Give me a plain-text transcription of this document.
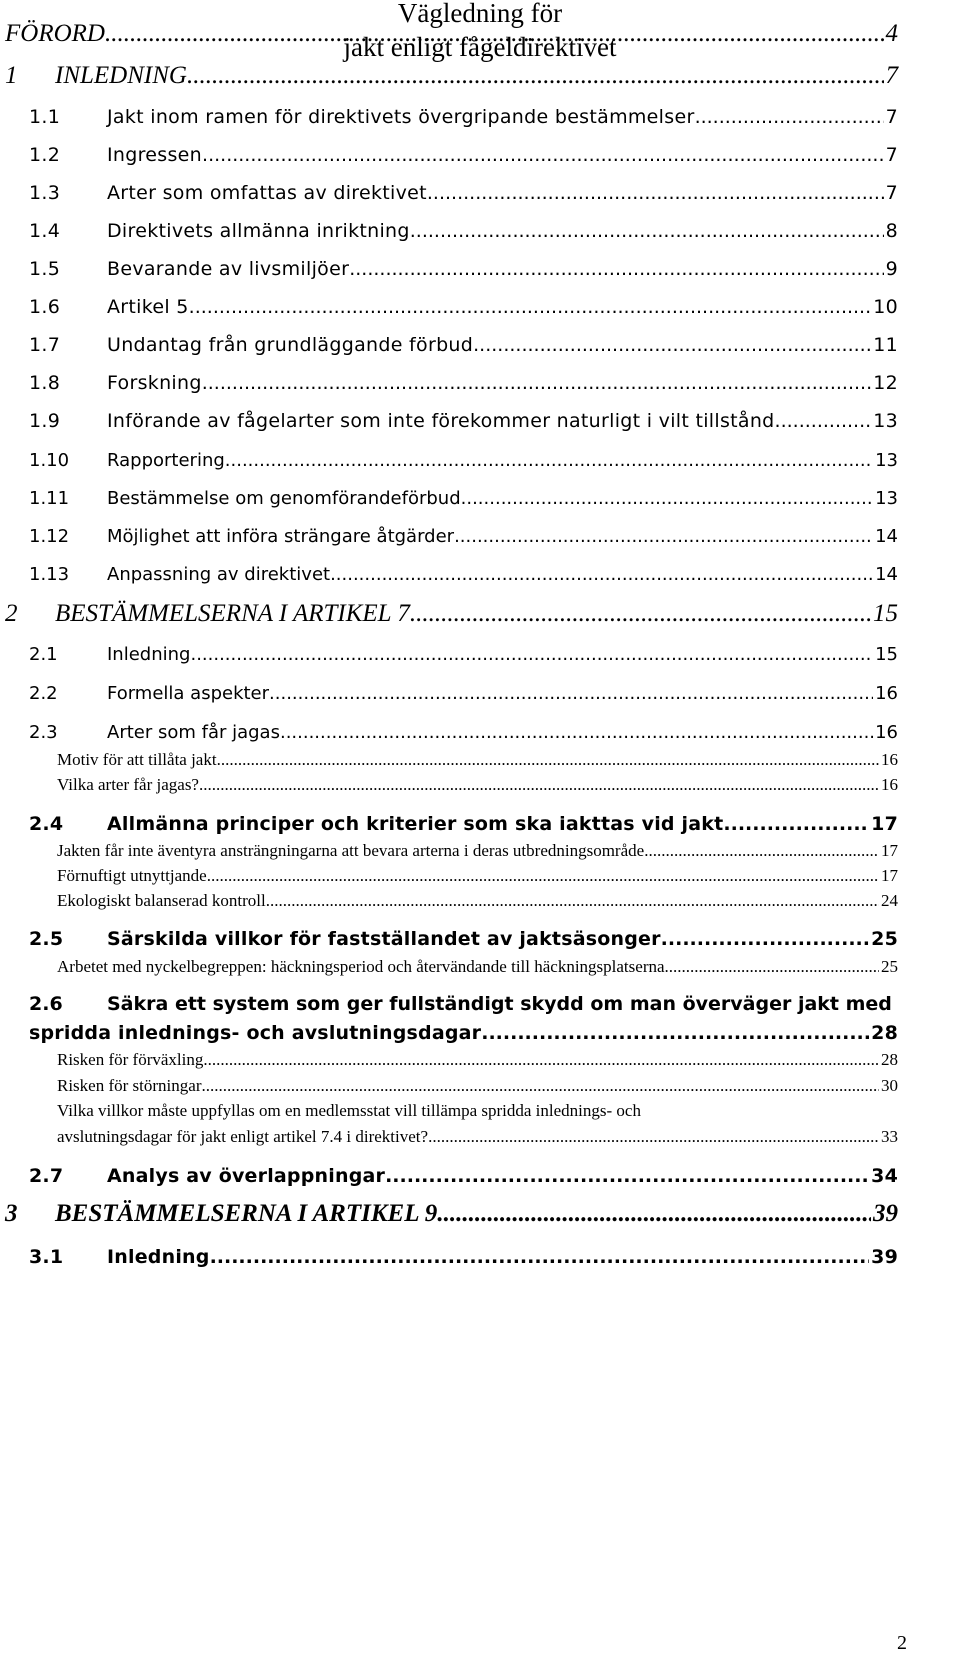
Vägledning för
jakt enligt fågeldirektivet
FÖRORD .....	4
1	INLEDNING .....	7
1.1	Jakt inom ramen för direktivets övergripande bestämmelser .....	7
1.2	Ingressen .....	7
1.3	Arter som omfattas av direktivet .....	7
1.4	Direktivets allmänna inriktning .....	8
1.5	Bevarande av livsmiljöer .....	9
1.6	Artikel 5 .....	10
1.7	Undantag från grundläggande förbud .....	11
1.8	Forskning .....	12
1.9	Införande av fågelarter som inte förekommer naturligt i vilt tillstånd .....	13
1.10	Rapportering .....	13
1.11	Bestämmelse om genomförandeförbud .....	13
1.12	Möjlighet att införa strängare åtgärder .....	14
1.13	Anpassning av direktivet .....	14
2	BESTÄMMELSERNA I ARTIKEL 7 .....	15
2.1	Inledning .....	15
2.2	Formella aspekter .....	16
2.3	Arter som får jagas .....	16
Motiv för att tillåta jakt .....	16
Vilka arter får jagas? .....	16
2.4	Allmänna principer och kriterier som ska iakttas vid jakt .....	17
Jakten får inte äventyra ansträngningarna att bevara arterna i deras utbredningsområde .....	17
Förnuftigt utnyttjande .....	17
Ekologiskt balanserad kontroll .....	24
2.5	Särskilda villkor för fastställandet av jaktsäsonger .....	25
Arbetet med nyckelbegreppen: häckningsperiod och återvändande till häckningsplatserna .....	25
2.6 Säkra ett system som ger fullständigt skydd om man överväger jakt med
spridda inlednings- och avslutningsdagar .....	28
Risken för förväxling .....	28
Risken för störningar .....	30
Vilka villkor måste uppfyllas om en medlemsstat vill tillämpa spridda inlednings- och
avslutningsdagar för jakt enligt artikel 7.4 i direktivet? .....	33
2.7	Analys av överlappningar .....	34
3	BESTÄMMELSERNA I ARTIKEL 9 .....	39
3.1	Inledning .....	39
2
